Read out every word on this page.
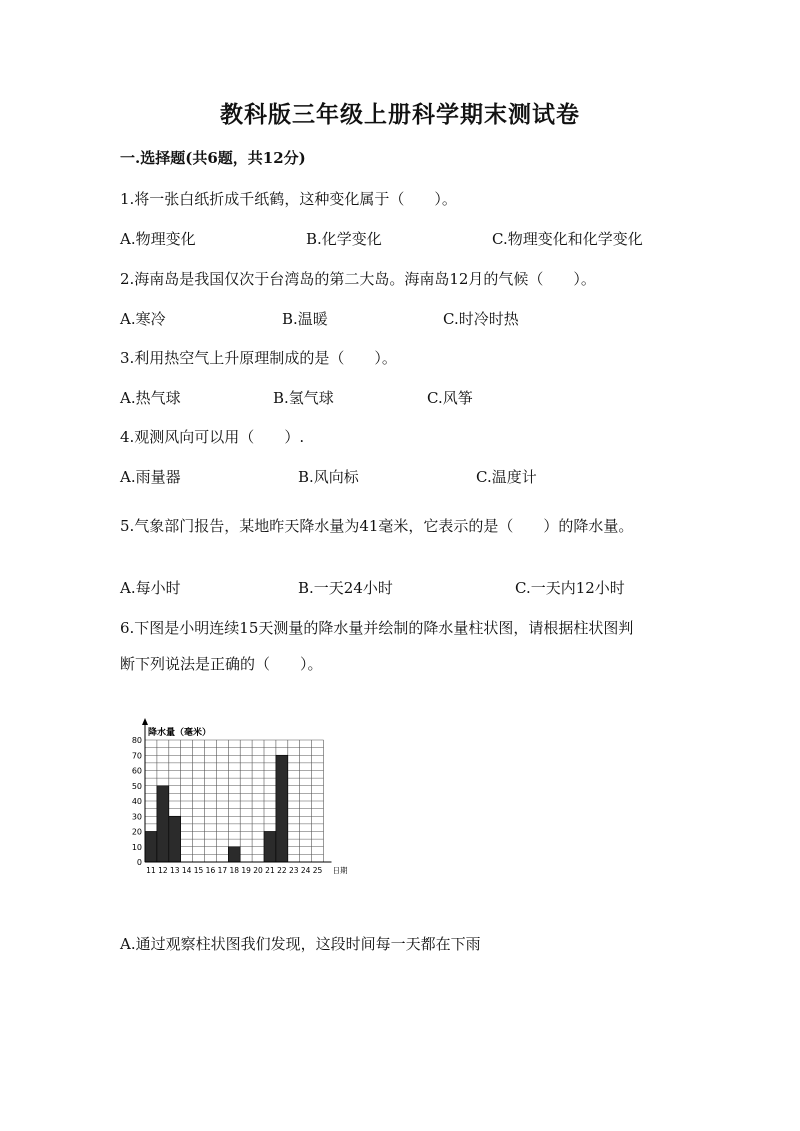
教科版三年级上册科学期末测试卷
一.选择题(共6题，共12分)
1.将一张白纸折成千纸鹤，这种变化属于（　　）。
A.物理变化	B.化学变化	C.物理变化和化学变化
2.海南岛是我国仅次于台湾岛的第二大岛。海南岛12月的气候（　　）。
A.寒冷	B.温暖	C.时冷时热
3.利用热空气上升原理制成的是（　　）。
A.热气球	B.氢气球	C.风筝
4.观测风向可以用（　　）.
A.雨量器	B.风向标	C.温度计
5.气象部门报告，某地昨天降水量为41毫米，它表示的是（　　）的降水量。
A.每小时	B.一天24小时	C.一天内12小时
6.下图是小明连续15天测量的降水量并绘制的降水量柱状图，请根据柱状图判
断下列说法是正确的（　　）。
0
10
20
30
40
50
60
70
80
11 12 13 14 15 16 17 18 19 20 21 22 23 24 25
降水量（毫米）
日期
A.通过观察柱状图我们发现，这段时间每一天都在下雨
